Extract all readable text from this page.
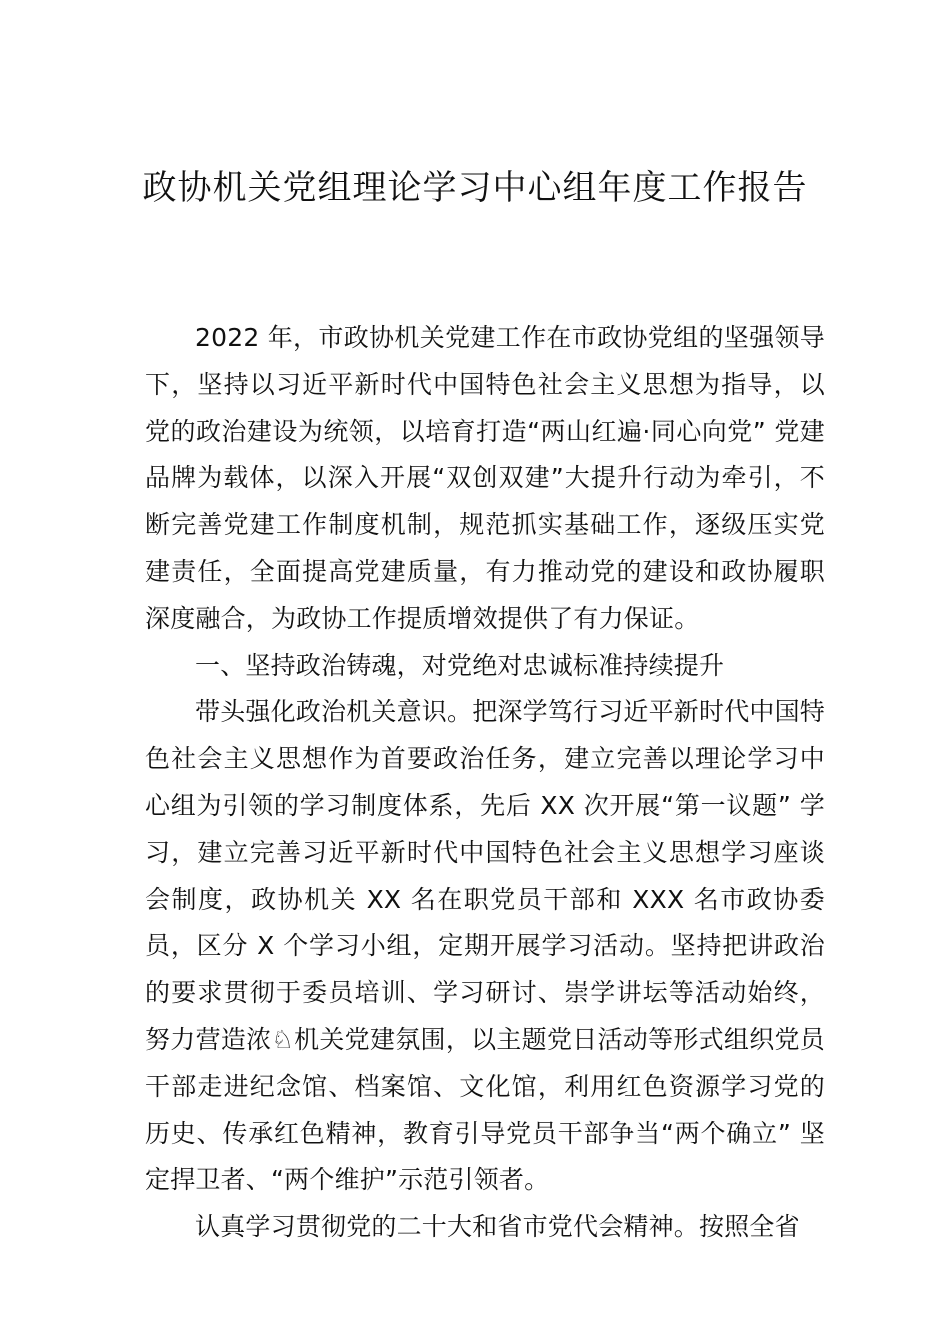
政协机关党组理论学习中心组年度工作报告

2022 年，市政协机关党建工作在市政协党组的坚强领导下，坚持以习近平新时代中国特色社会主义思想为指导，以党的政治建设为统领，以培育打造“两山红遍·同心向党” 党建品牌为载体，以深入开展“双创双建”大提升行动为牵引，不断完善党建工作制度机制，规范抓实基础工作，逐级压实党建责任，全面提高党建质量，有力推动党的建设和政协履职深度融合，为政协工作提质增效提供了有力保证。

一、坚持政治铸魂，对党绝对忠诚标准持续提升

带头强化政治机关意识。把深学笃行习近平新时代中国特色社会主义思想作为首要政治任务，建立完善以理论学习中心组为引领的学习制度体系，先后 XX 次开展“第一议题” 学习，建立完善习近平新时代中国特色社会主义思想学习座谈会制度，政协机关 XX 名在职党员干部和 XXX 名市政协委员，区分 X 个学习小组，定期开展学习活动。坚持把讲政治的要求贯彻于委员培训、学习研讨、崇学讲坛等活动始终， 努力营造浓♘机关党建氛围，以主题党日活动等形式组织党员干部走进纪念馆、档案馆、文化馆，利用红色资源学习党的历史、传承红色精神，教育引导党员干部争当“两个确立” 坚定捍卫者、“两个维护”示范引领者。

认真学习贯彻党的二十大和省市党代会精神。按照全省
